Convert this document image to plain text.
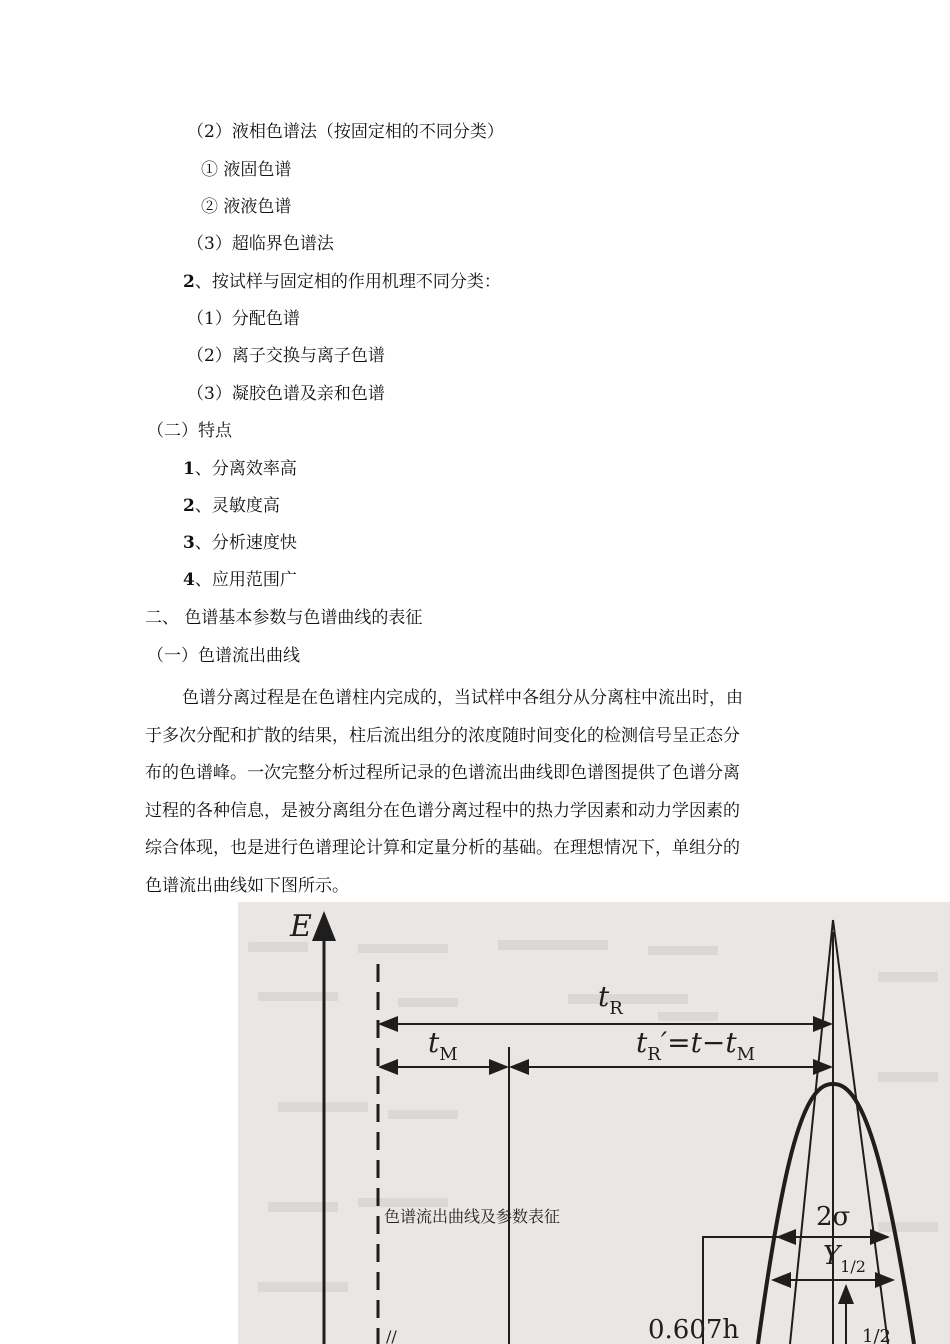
（2）液相色谱法（按固定相的不同分类）
① 液固色谱
② 液液色谱
（3）超临界色谱法
2、按试样与固定相的作用机理不同分类：
（1）分配色谱
（2）离子交换与离子色谱
（3）凝胶色谱及亲和色谱
（二）特点
1、分离效率高
2、灵敏度高
3、分析速度快
4、应用范围广
二、 色谱基本参数与色谱曲线的表征
（一）色谱流出曲线
色谱分离过程是在色谱柱内完成的，当试样中各组分从分离柱中流出时，由
于多次分配和扩散的结果，柱后流出组分的浓度随时间变化的检测信号呈正态分
布的色谱峰。一次完整分析过程所记录的色谱流出曲线即色谱图提供了色谱分离
过程的各种信息，是被分离组分在色谱分离过程中的热力学因素和动力学因素的
综合体现，也是进行色谱理论计算和定量分析的基础。在理想情况下，单组分的
色谱流出曲线如下图所示。
E
$t_R$
$t_M$	$t_R'=t-t_M$
2σ
$Y_{1/2}$
0.607h	1/2
//
色谱流出曲线及参数表征
